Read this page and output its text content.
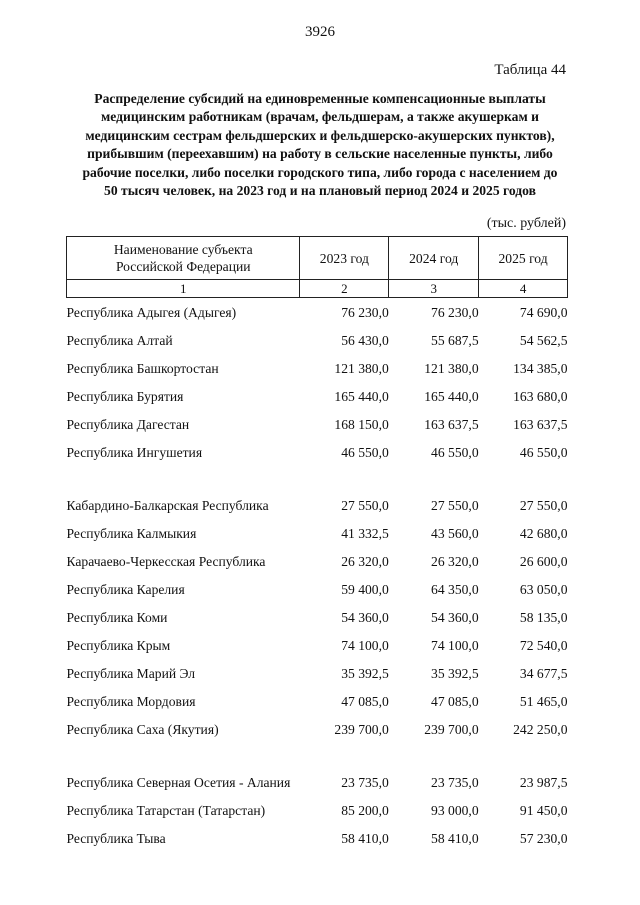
3926
Таблица 44
Распределение субсидий на единовременные компенсационные выплаты медицинским работникам (врачам, фельдшерам, а также акушеркам и медицинским сестрам фельдшерских и фельдшерско-акушерских пунктов), прибывшим (переехавшим) на работу в сельские населенные пункты, либо рабочие поселки, либо поселки городского типа, либо города с населением до 50 тысяч человек, на 2023 год и на плановый период 2024 и 2025 годов
(тыс. рублей)
Наименование субъекта Российской Федерации	2023 год	2024 год	2025 год
1	2	3	4
Республика Адыгея (Адыгея)	76 230,0	76 230,0	74 690,0
Республика Алтай	56 430,0	55 687,5	54 562,5
Республика Башкортостан	121 380,0	121 380,0	134 385,0
Республика Бурятия	165 440,0	165 440,0	163 680,0
Республика Дагестан	168 150,0	163 637,5	163 637,5
Республика Ингушетия	46 550,0	46 550,0	46 550,0
Кабардино-Балкарская Республика	27 550,0	27 550,0	27 550,0
Республика Калмыкия	41 332,5	43 560,0	42 680,0
Карачаево-Черкесская Республика	26 320,0	26 320,0	26 600,0
Республика Карелия	59 400,0	64 350,0	63 050,0
Республика Коми	54 360,0	54 360,0	58 135,0
Республика Крым	74 100,0	74 100,0	72 540,0
Республика Марий Эл	35 392,5	35 392,5	34 677,5
Республика Мордовия	47 085,0	47 085,0	51 465,0
Республика Саха (Якутия)	239 700,0	239 700,0	242 250,0
Республика Северная Осетия - Алания	23 735,0	23 735,0	23 987,5
Республика Татарстан (Татарстан)	85 200,0	93 000,0	91 450,0
Республика Тыва	58 410,0	58 410,0	57 230,0
